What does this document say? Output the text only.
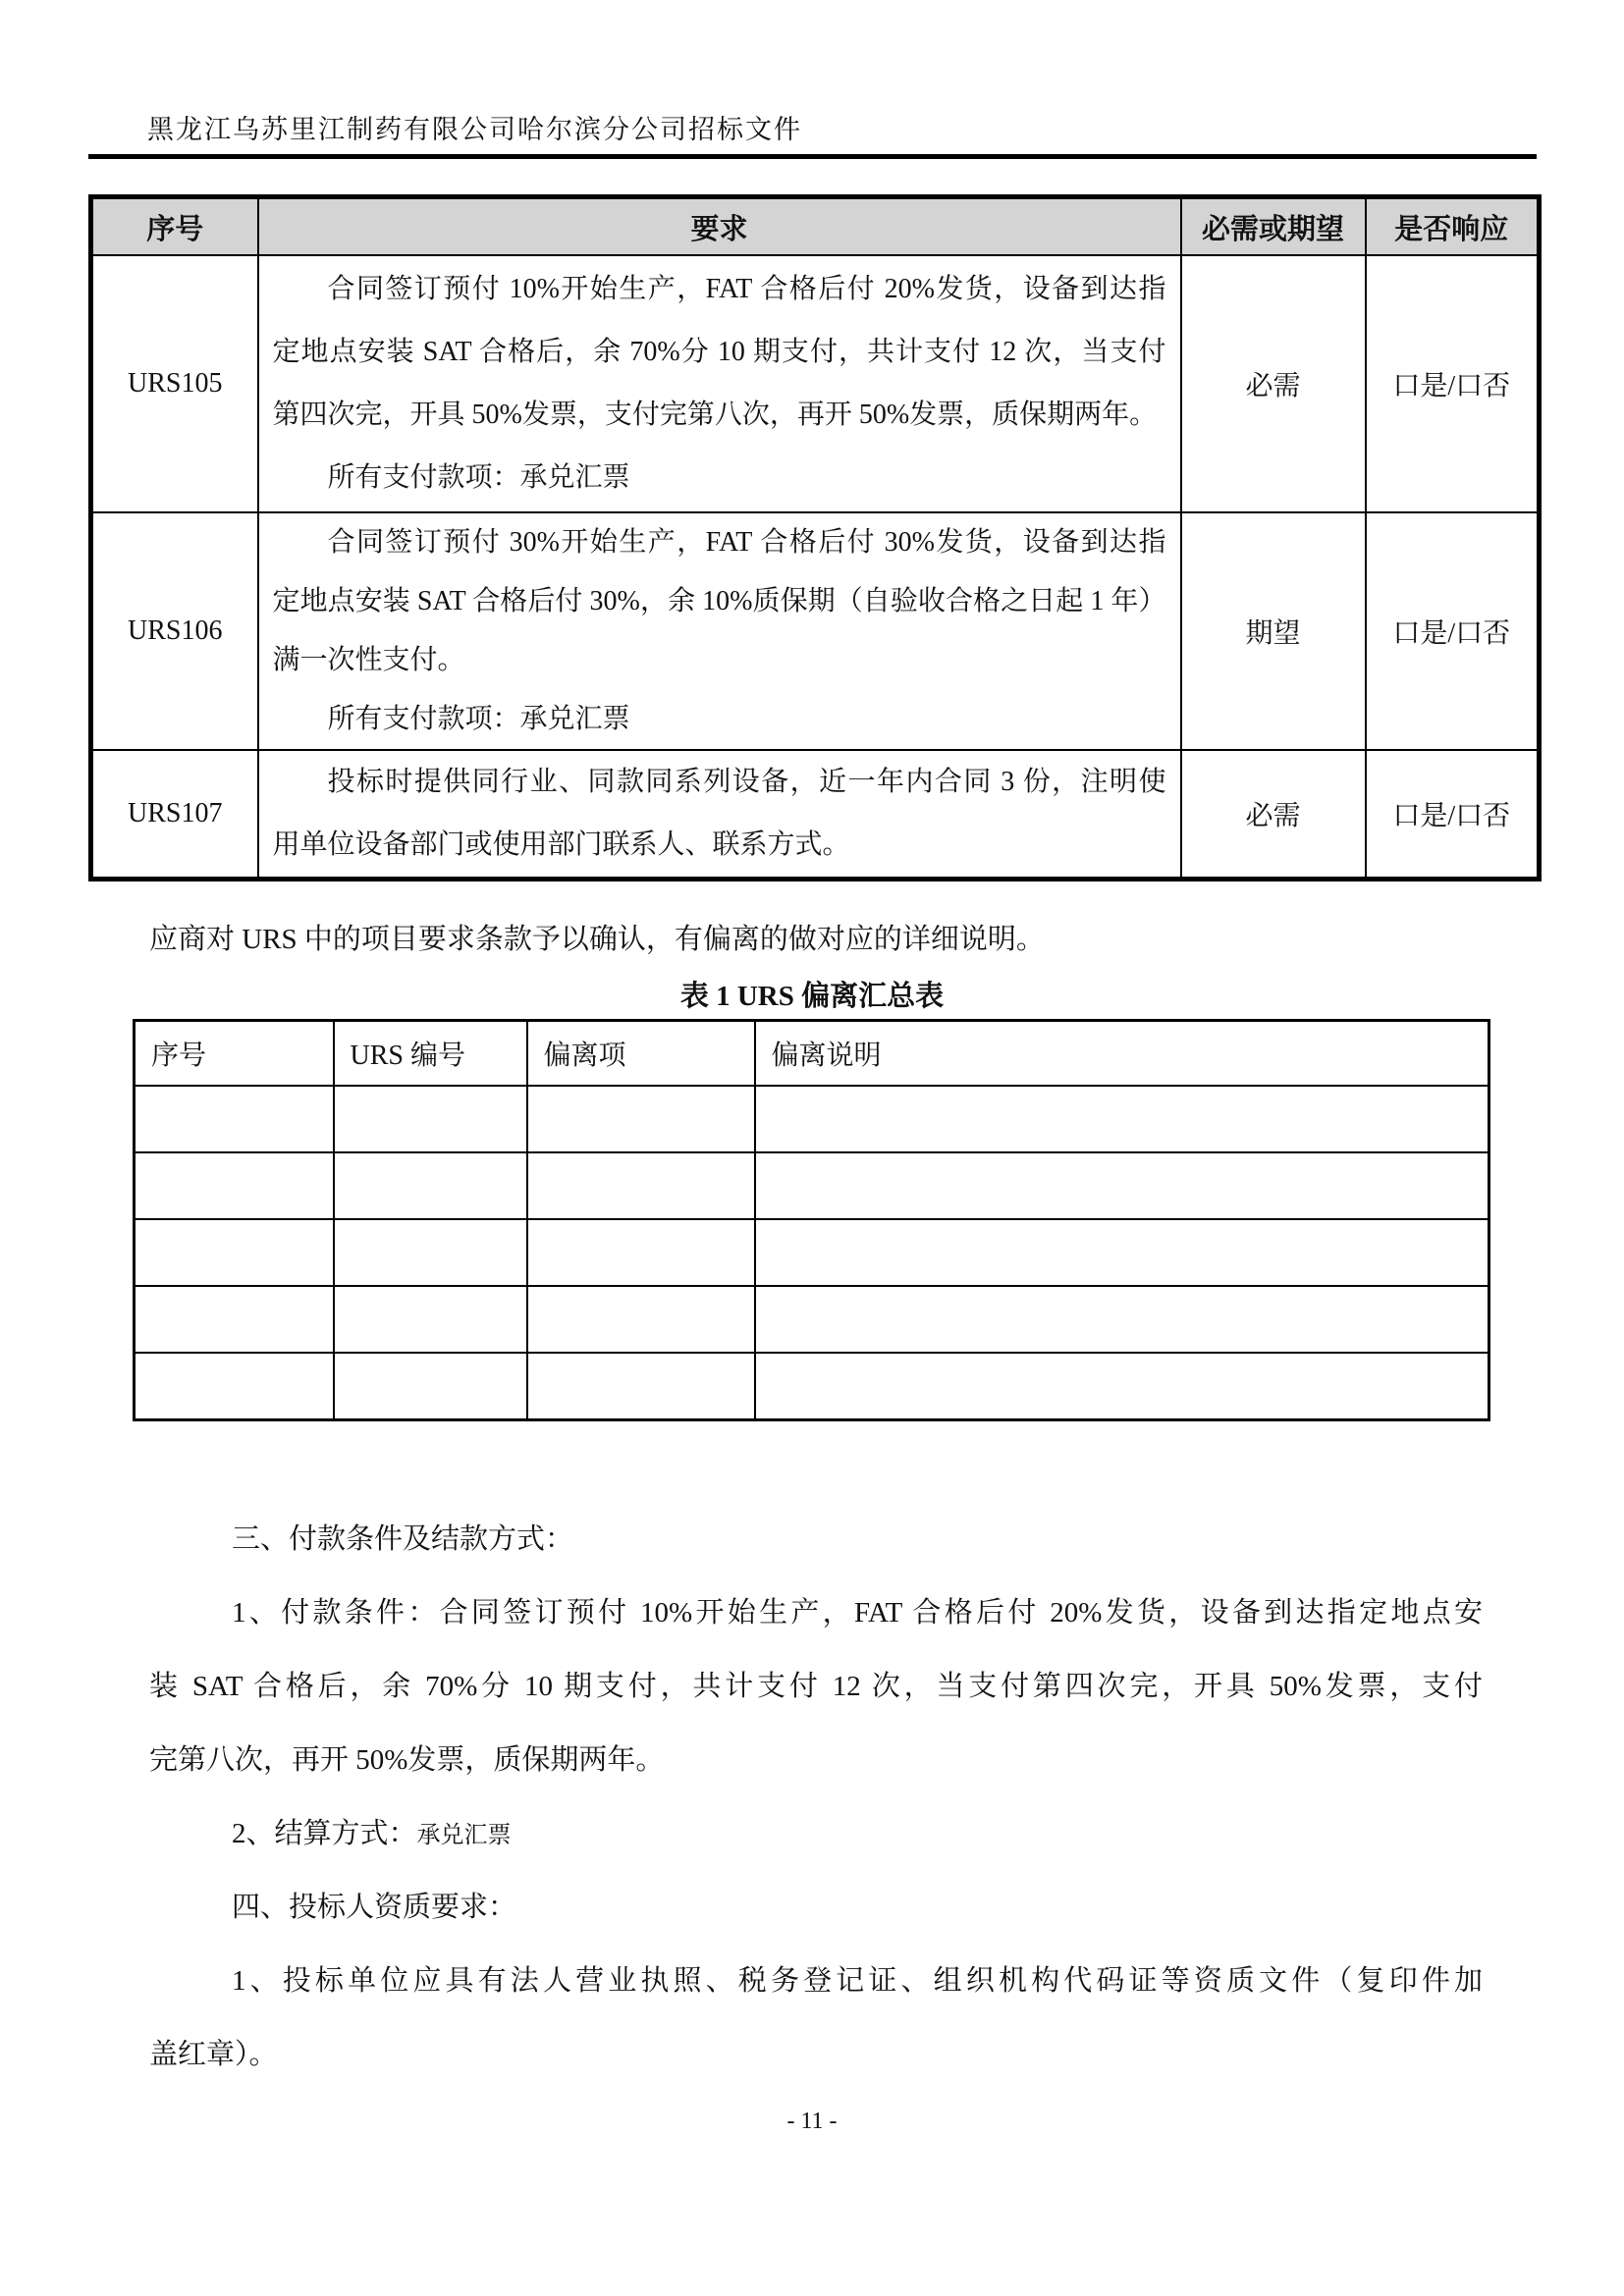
黑龙江乌苏里江制药有限公司哈尔滨分公司招标文件
序号	要求	必需或期望	是否响应
URS105	合同签订预付 10%开始生产，FAT 合格后付 20%发货，设备到达指
定地点安装 SAT 合格后，余 70%分 10 期支付，共计支付 12 次，当支付
第四次完，开具 50%发票，支付完第八次，再开 50%发票，质保期两年。
所有支付款项：承兑汇票	必需	口是/口否
URS106	合同签订预付 30%开始生产，FAT 合格后付 30%发货，设备到达指
定地点安装 SAT 合格后付 30%，余 10%质保期（自验收合格之日起 1 年）
满一次性支付。
所有支付款项：承兑汇票	期望	口是/口否
URS107	投标时提供同行业、同款同系列设备，近一年内合同 3 份，注明使
用单位设备部门或使用部门联系人、联系方式。	必需	口是/口否
应商对 URS 中的项目要求条款予以确认，有偏离的做对应的详细说明。
表 1 URS 偏离汇总表
序号	URS 编号	偏离项	偏离说明

三、付款条件及结款方式：
1、付款条件：合同签订预付 10%开始生产，FAT 合格后付 20%发货，设备到达指定地点安
装 SAT 合格后，余 70%分 10 期支付，共计支付 12 次，当支付第四次完，开具 50%发票，支付
完第八次，再开 50%发票，质保期两年。
2、结算方式：承兑汇票
四、投标人资质要求：
1、投标单位应具有法人营业执照、税务登记证、组织机构代码证等资质文件（复印件加
盖红章）。
- 11 -
